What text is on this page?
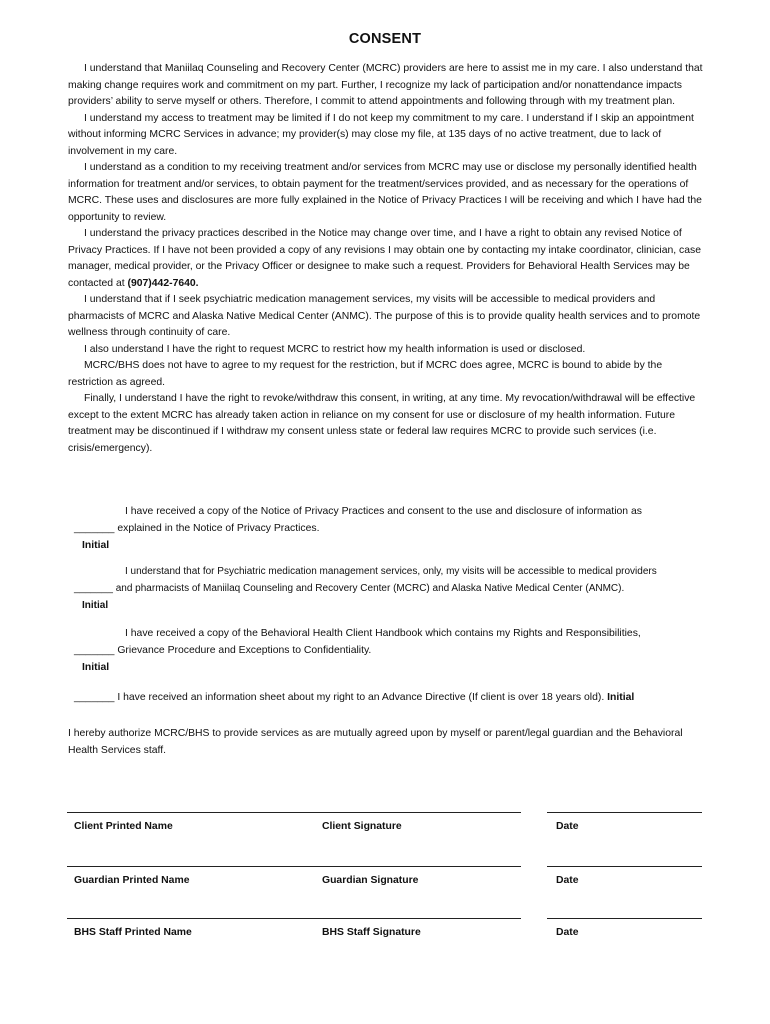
CONSENT

I understand that Maniilaq Counseling and Recovery Center (MCRC) providers are here to assist me in my care. I also understand that making change requires work and commitment on my part. Further, I recognize my lack of participation and/or nonattendance impacts providers’ ability to serve myself or others. Therefore, I commit to attend appointments and following through with my treatment plan.

I understand my access to treatment may be limited if I do not keep my commitment to my care. I understand if I skip an appointment without informing MCRC Services in advance; my provider(s) may close my file, at 135 days of no active treatment, due to lack of involvement in my care.

I understand as a condition to my receiving treatment and/or services from MCRC may use or disclose my personally identified health information for treatment and/or services, to obtain payment for the treatment/services provided, and as necessary for the operations of MCRC. These uses and disclosures are more fully explained in the Notice of Privacy Practices I will be receiving and which I have had the opportunity to review.

I understand the privacy practices described in the Notice may change over time, and I have a right to obtain any revised Notice of Privacy Practices. If I have not been provided a copy of any revisions I may obtain one by contacting my intake coordinator, clinician, case manager, medical provider, or the Privacy Officer or designee to make such a request. Providers for Behavioral Health Services may be contacted at (907)442-7640.

I understand that if I seek psychiatric medication management services, my visits will be accessible to medical providers and pharmacists of MCRC and Alaska Native Medical Center (ANMC). The purpose of this is to provide quality health services and to promote wellness through continuity of care.

I also understand I have the right to request MCRC to restrict how my health information is used or disclosed.

MCRC/BHS does not have to agree to my request for the restriction, but if MCRC does agree, MCRC is bound to abide by the restriction as agreed.

Finally, I understand I have the right to revoke/withdraw this consent, in writing, at any time. My revocation/withdrawal will be effective except to the extent MCRC has already taken action in reliance on my consent for use or disclosure of my health information. Future treatment may be discontinued if I withdraw my consent unless state or federal law requires MCRC to provide such services (i.e. crisis/emergency).

I have received a copy of the Notice of Privacy Practices and consent to the use and disclosure of information as
_______ explained in the Notice of Privacy Practices.
Initial
I understand that for Psychiatric medication management services, only, my visits will be accessible to medical providers
_______ and pharmacists of Maniilaq Counseling and Recovery Center (MCRC) and Alaska Native Medical Center (ANMC).
Initial
I have received a copy of the Behavioral Health Client Handbook which contains my Rights and Responsibilities,
_______ Grievance Procedure and Exceptions to Confidentiality.
Initial
_______ I have received an information sheet about my right to an Advance Directive (If client is over 18 years old). Initial
I hereby authorize MCRC/BHS to provide services as are mutually agreed upon by myself or parent/legal guardian and the Behavioral Health Services staff.
Client Printed Name	Client Signature	Date
Guardian Printed Name	Guardian Signature	Date
BHS Staff Printed Name	BHS Staff Signature	Date
